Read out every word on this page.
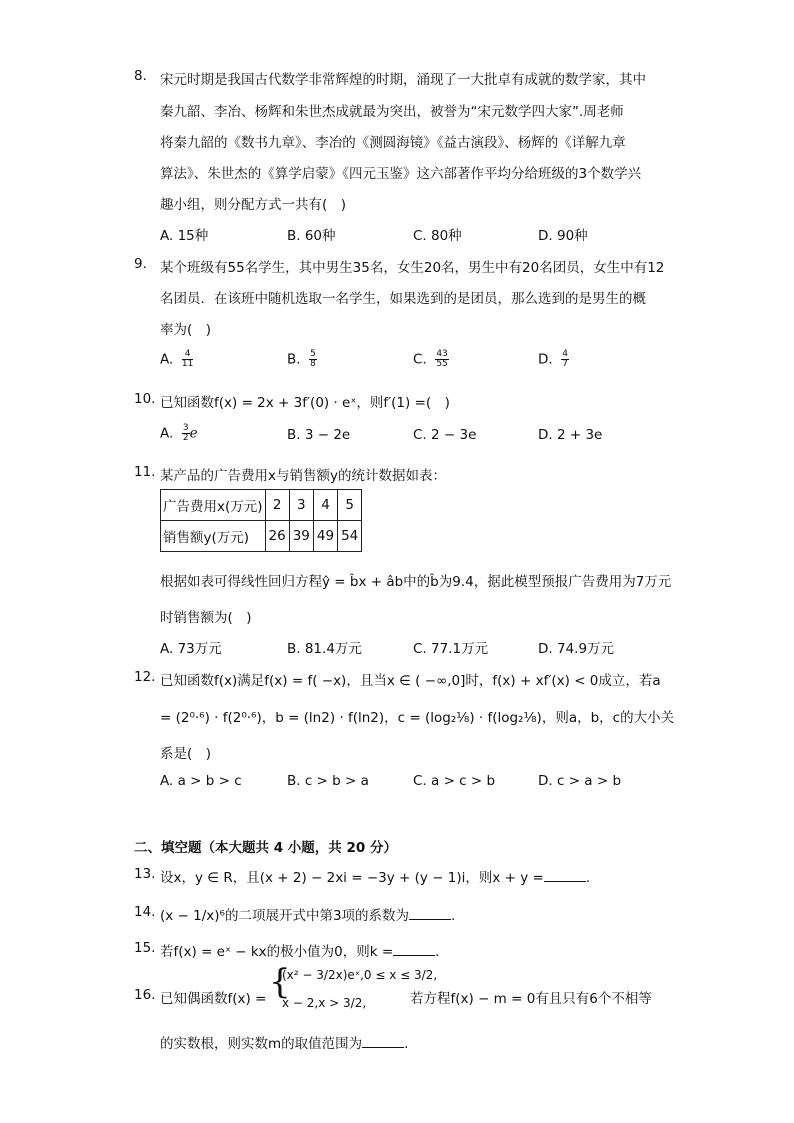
8. 宋元时期是我国古代数学非常辉煌的时期，涌现了一大批卓有成就的数学家，其中
秦九韶、李冶、杨辉和朱世杰成就最为突出，被誉为“宋元数学四大家”.周老师
将秦九韶的《数书九章》、李冶的《测圆海镜》《益古演段》、杨辉的《详解九章
算法》、朱世杰的《算学启蒙》《四元玉鉴》这六部著作平均分给班级的3个数学兴
趣小组，则分配方式一共有(　)
A. 15种	B. 60种	C. 80种	D. 90种
9. 某个班级有55名学生，其中男生35名，女生20名，男生中有20名团员，女生中有12
名团员．在该班中随机选取一名学生，如果选到的是团员，那么选到的是男生的概
率为(　)
A. $\frac{4}{11}$	B. $\frac{5}{8}$	C. $\frac{43}{55}$	D. $\frac{4}{7}$
10. 已知函数f(x) = 2x + 3f′(0) · eˣ，则f′(1) =(　)
A. $\frac{3}{2}$ e	B. 3 − 2e	C. 2 − 3e	D. 2 + 3e
11. 某产品的广告费用x与销售额y的统计数据如表：
广告费用x(万元)	2	3	4	5
销售额y(万元)	26	39	49	54
根据如表可得线性回归方程ŷ = b̂x + âb中的b̂为9.4，据此模型预报广告费用为7万元
时销售额为(　)
A. 73万元	B. 81.4万元	C. 77.1万元	D. 74.9万元
12. 已知函数f(x)满足f(x) = f( −x)，且当x ∈ ( −∞,0]时，f(x) + xf′(x) < 0成立，若a
= (2⁰·⁶) · f(2⁰·⁶)，b = (ln2) · f(ln2)，c = (log₂⅛) · f(log₂⅛)，则a，b，c的大小关
系是(　)
A. a > b > c	B. c > b > a	C. a > c > b	D. c > a > b
二、填空题（本大题共 4 小题，共 20 分）
13. 设x，y ∈ R，且(x + 2) − 2xi = −3y + (y − 1)i，则x + y =	.
14. (x − 1/x)⁶的二项展开式中第3项的系数为	.
15. 若f(x) = eˣ − kx的极小值为0，则k =	.
16. 已知偶函数f(x) = {
(x² − 3/2x)eˣ,0 ≤ x ≤ 3/2,
x − 2,x > 3/2,	若方程f(x) − m = 0有且只有6个不相等
的实数根，则实数m的取值范围为	.
